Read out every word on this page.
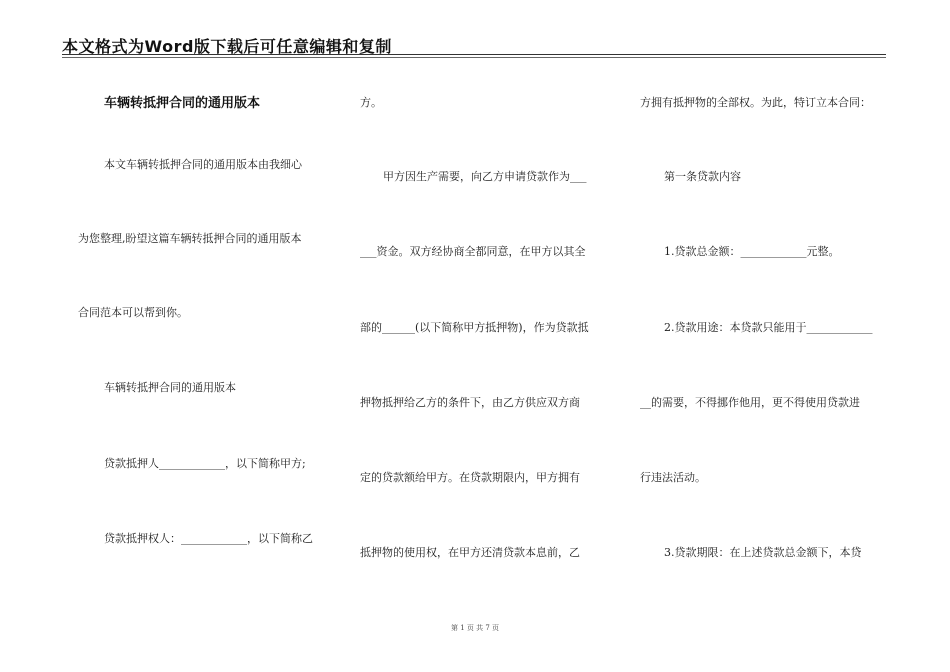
本文格式为Word版下载后可任意编辑和复制
车辆转抵押合同的通用版本
本文车辆转抵押合同的通用版本由我细心
为您整理,盼望这篇车辆转抵押合同的通用版本
合同范本可以帮到你。
车辆转抵押合同的通用版本
贷款抵押人____________，以下简称甲方;
贷款抵押权人：____________，以下简称乙
方。
甲方因生产需要，向乙方申请贷款作为___
___资金。双方经协商全都同意，在甲方以其全
部的______(以下简称甲方抵押物)，作为贷款抵
押物抵押给乙方的条件下，由乙方供应双方商
定的贷款额给甲方。在贷款期限内，甲方拥有
抵押物的使用权，在甲方还清贷款本息前，乙
方拥有抵押物的全部权。为此，特订立本合同：
第一条贷款内容
1.贷款总金额：____________元整。
2.贷款用途：本贷款只能用于____________
__的需要，不得挪作他用，更不得使用贷款进
行违法活动。
3.贷款期限：在上述贷款总金额下，本贷
第 1 页 共 7 页
